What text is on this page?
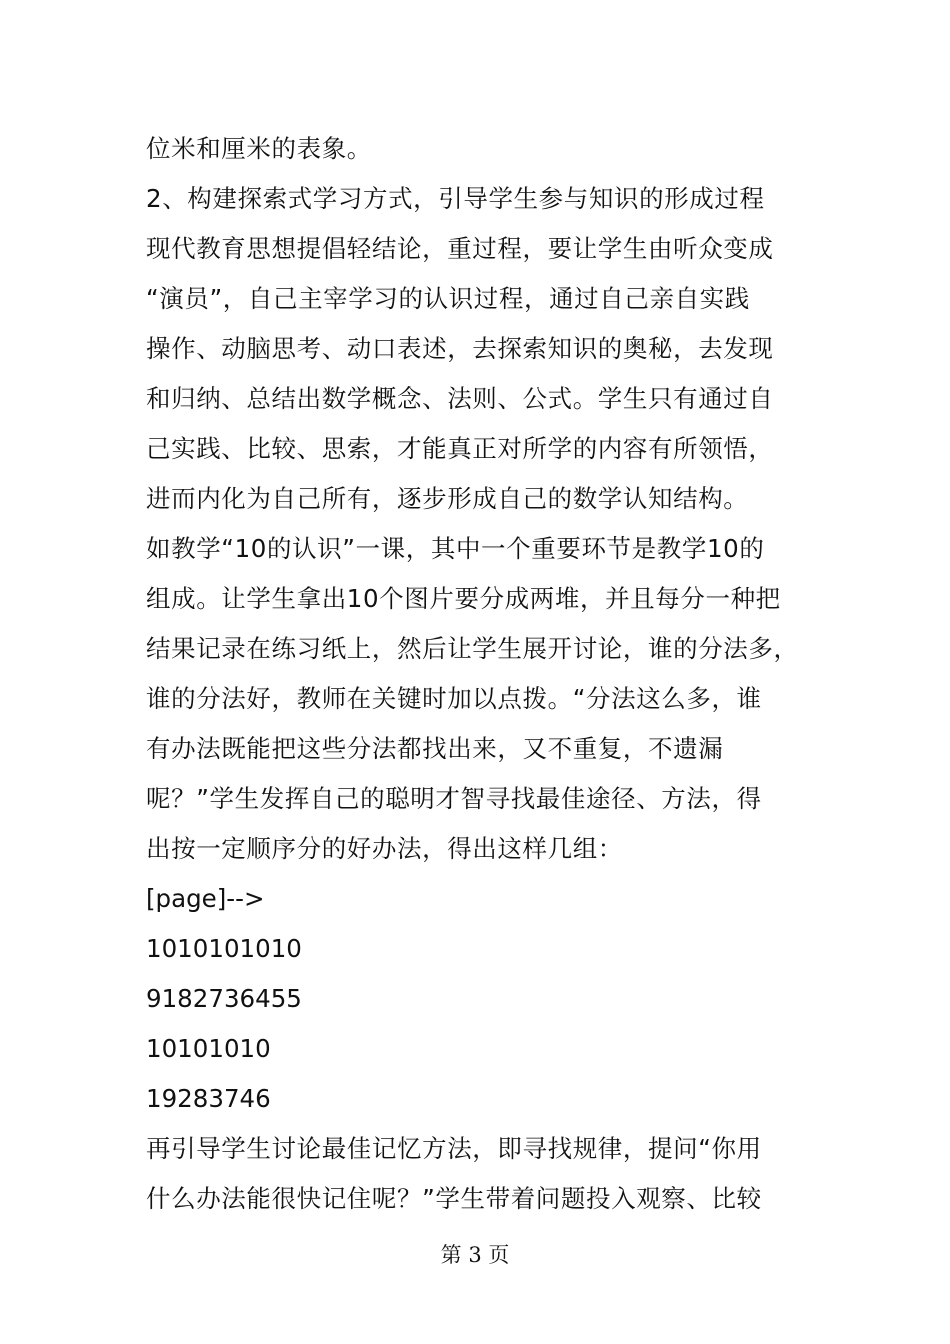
位米和厘米的表象。
2、构建探索式学习方式，引导学生参与知识的形成过程
现代教育思想提倡轻结论，重过程，要让学生由听众变成
“演员”，自己主宰学习的认识过程，通过自己亲自实践
操作、动脑思考、动口表述，去探索知识的奥秘，去发现
和归纳、总结出数学概念、法则、公式。学生只有通过自
己实践、比较、思索，才能真正对所学的内容有所领悟，
进而内化为自己所有，逐步形成自己的数学认知结构。
如教学“10的认识”一课，其中一个重要环节是教学10的
组成。让学生拿出10个图片要分成两堆，并且每分一种把
结果记录在练习纸上，然后让学生展开讨论，谁的分法多，
谁的分法好，教师在关键时加以点拨。“分法这么多，谁
有办法既能把这些分法都找出来，又不重复，不遗漏
呢？”学生发挥自己的聪明才智寻找最佳途径、方法，得
出按一定顺序分的好办法，得出这样几组：
[page]-->
1010101010
9182736455
10101010
19283746
再引导学生讨论最佳记忆方法，即寻找规律，提问“你用
什么办法能很快记住呢？”学生带着问题投入观察、比较
第 3 页
